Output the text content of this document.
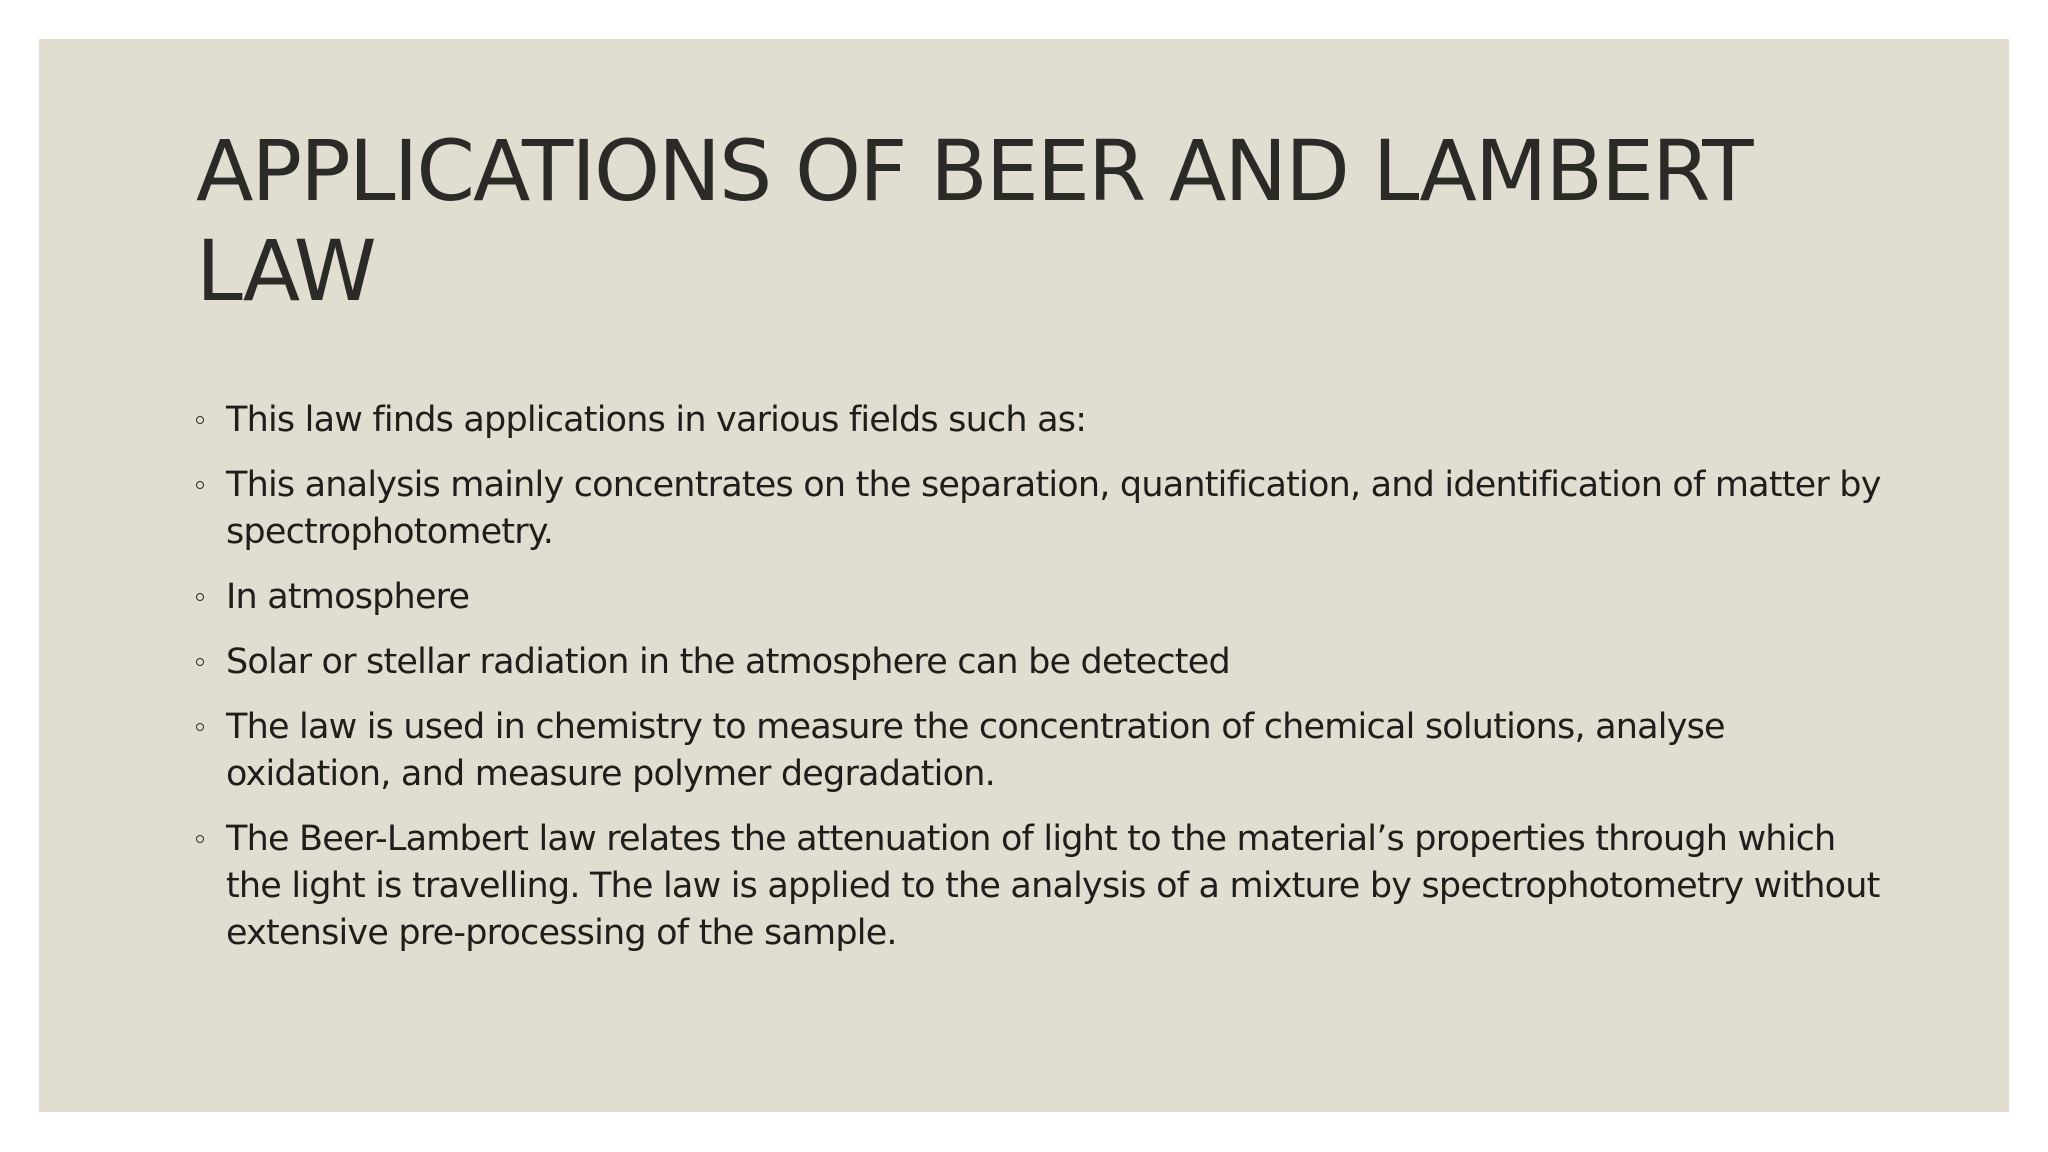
APPLICATIONS OF BEER AND LAMBERT LAW
This law finds applications in various fields such as:
This analysis mainly concentrates on the separation, quantification, and identification of matter by spectrophotometry.
In atmosphere
Solar or stellar radiation in the atmosphere can be detected
The law is used in chemistry to measure the concentration of chemical solutions, analyse oxidation, and measure polymer degradation.
The Beer-Lambert law relates the attenuation of light to the material’s properties through which the light is travelling. The law is applied to the analysis of a mixture by spectrophotometry without extensive pre-processing of the sample.
